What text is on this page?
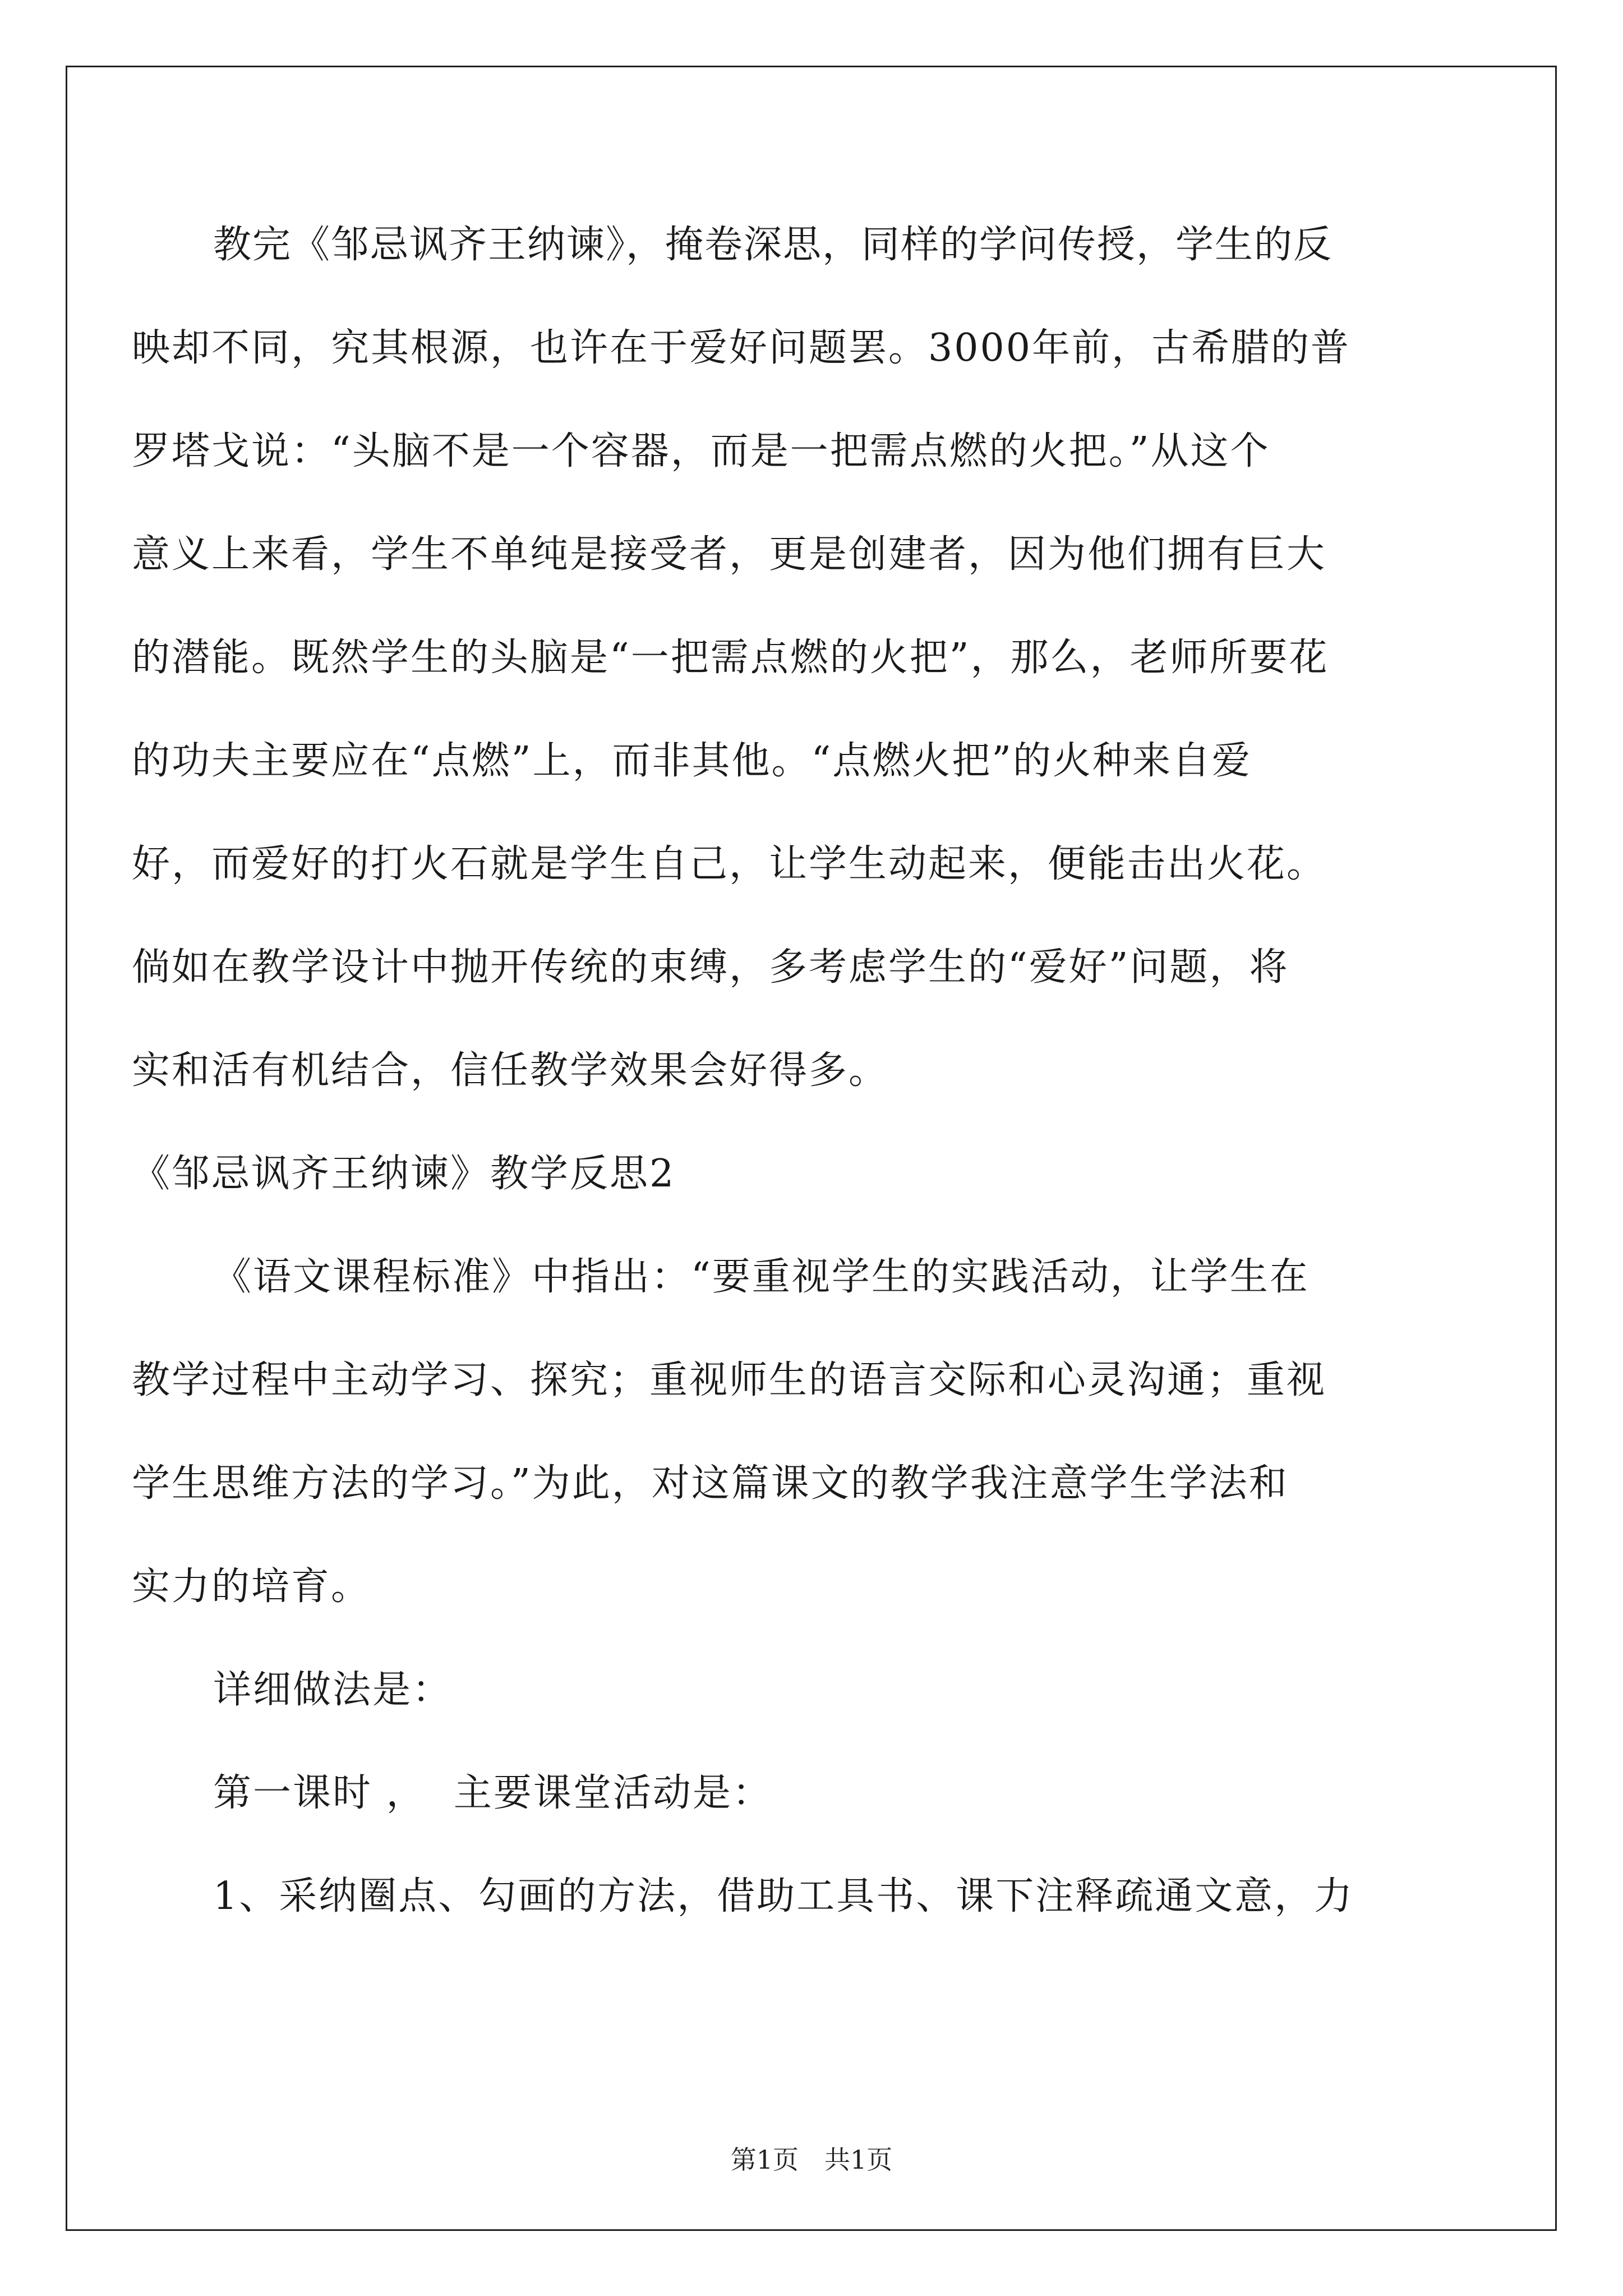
教完《邹忌讽齐王纳谏》，掩卷深思，同样的学问传授，学生的反
映却不同，究其根源，也许在于爱好问题罢。3000年前，古希腊的普
罗塔戈说：“头脑不是一个容器，而是一把需点燃的火把。”从这个
意义上来看，学生不单纯是接受者，更是创建者，因为他们拥有巨大
的潜能。既然学生的头脑是“一把需点燃的火把”，那么，老师所要花
的功夫主要应在“点燃”上，而非其他。“点燃火把”的火种来自爱
好，而爱好的打火石就是学生自己，让学生动起来，便能击出火花。
倘如在教学设计中抛开传统的束缚，多考虑学生的“爱好”问题，将
实和活有机结合，信任教学效果会好得多。
《邹忌讽齐王纳谏》教学反思2
《语文课程标准》中指出：“要重视学生的实践活动，让学生在
教学过程中主动学习、探究；重视师生的语言交际和心灵沟通；重视
学生思维方法的学习。”为此，对这篇课文的教学我注意学生学法和
实力的培育。
详细做法是：
第一课时 ，  主要课堂活动是：
1、采纳圈点、勾画的方法，借助工具书、课下注释疏通文意，力
第1页　共1页
